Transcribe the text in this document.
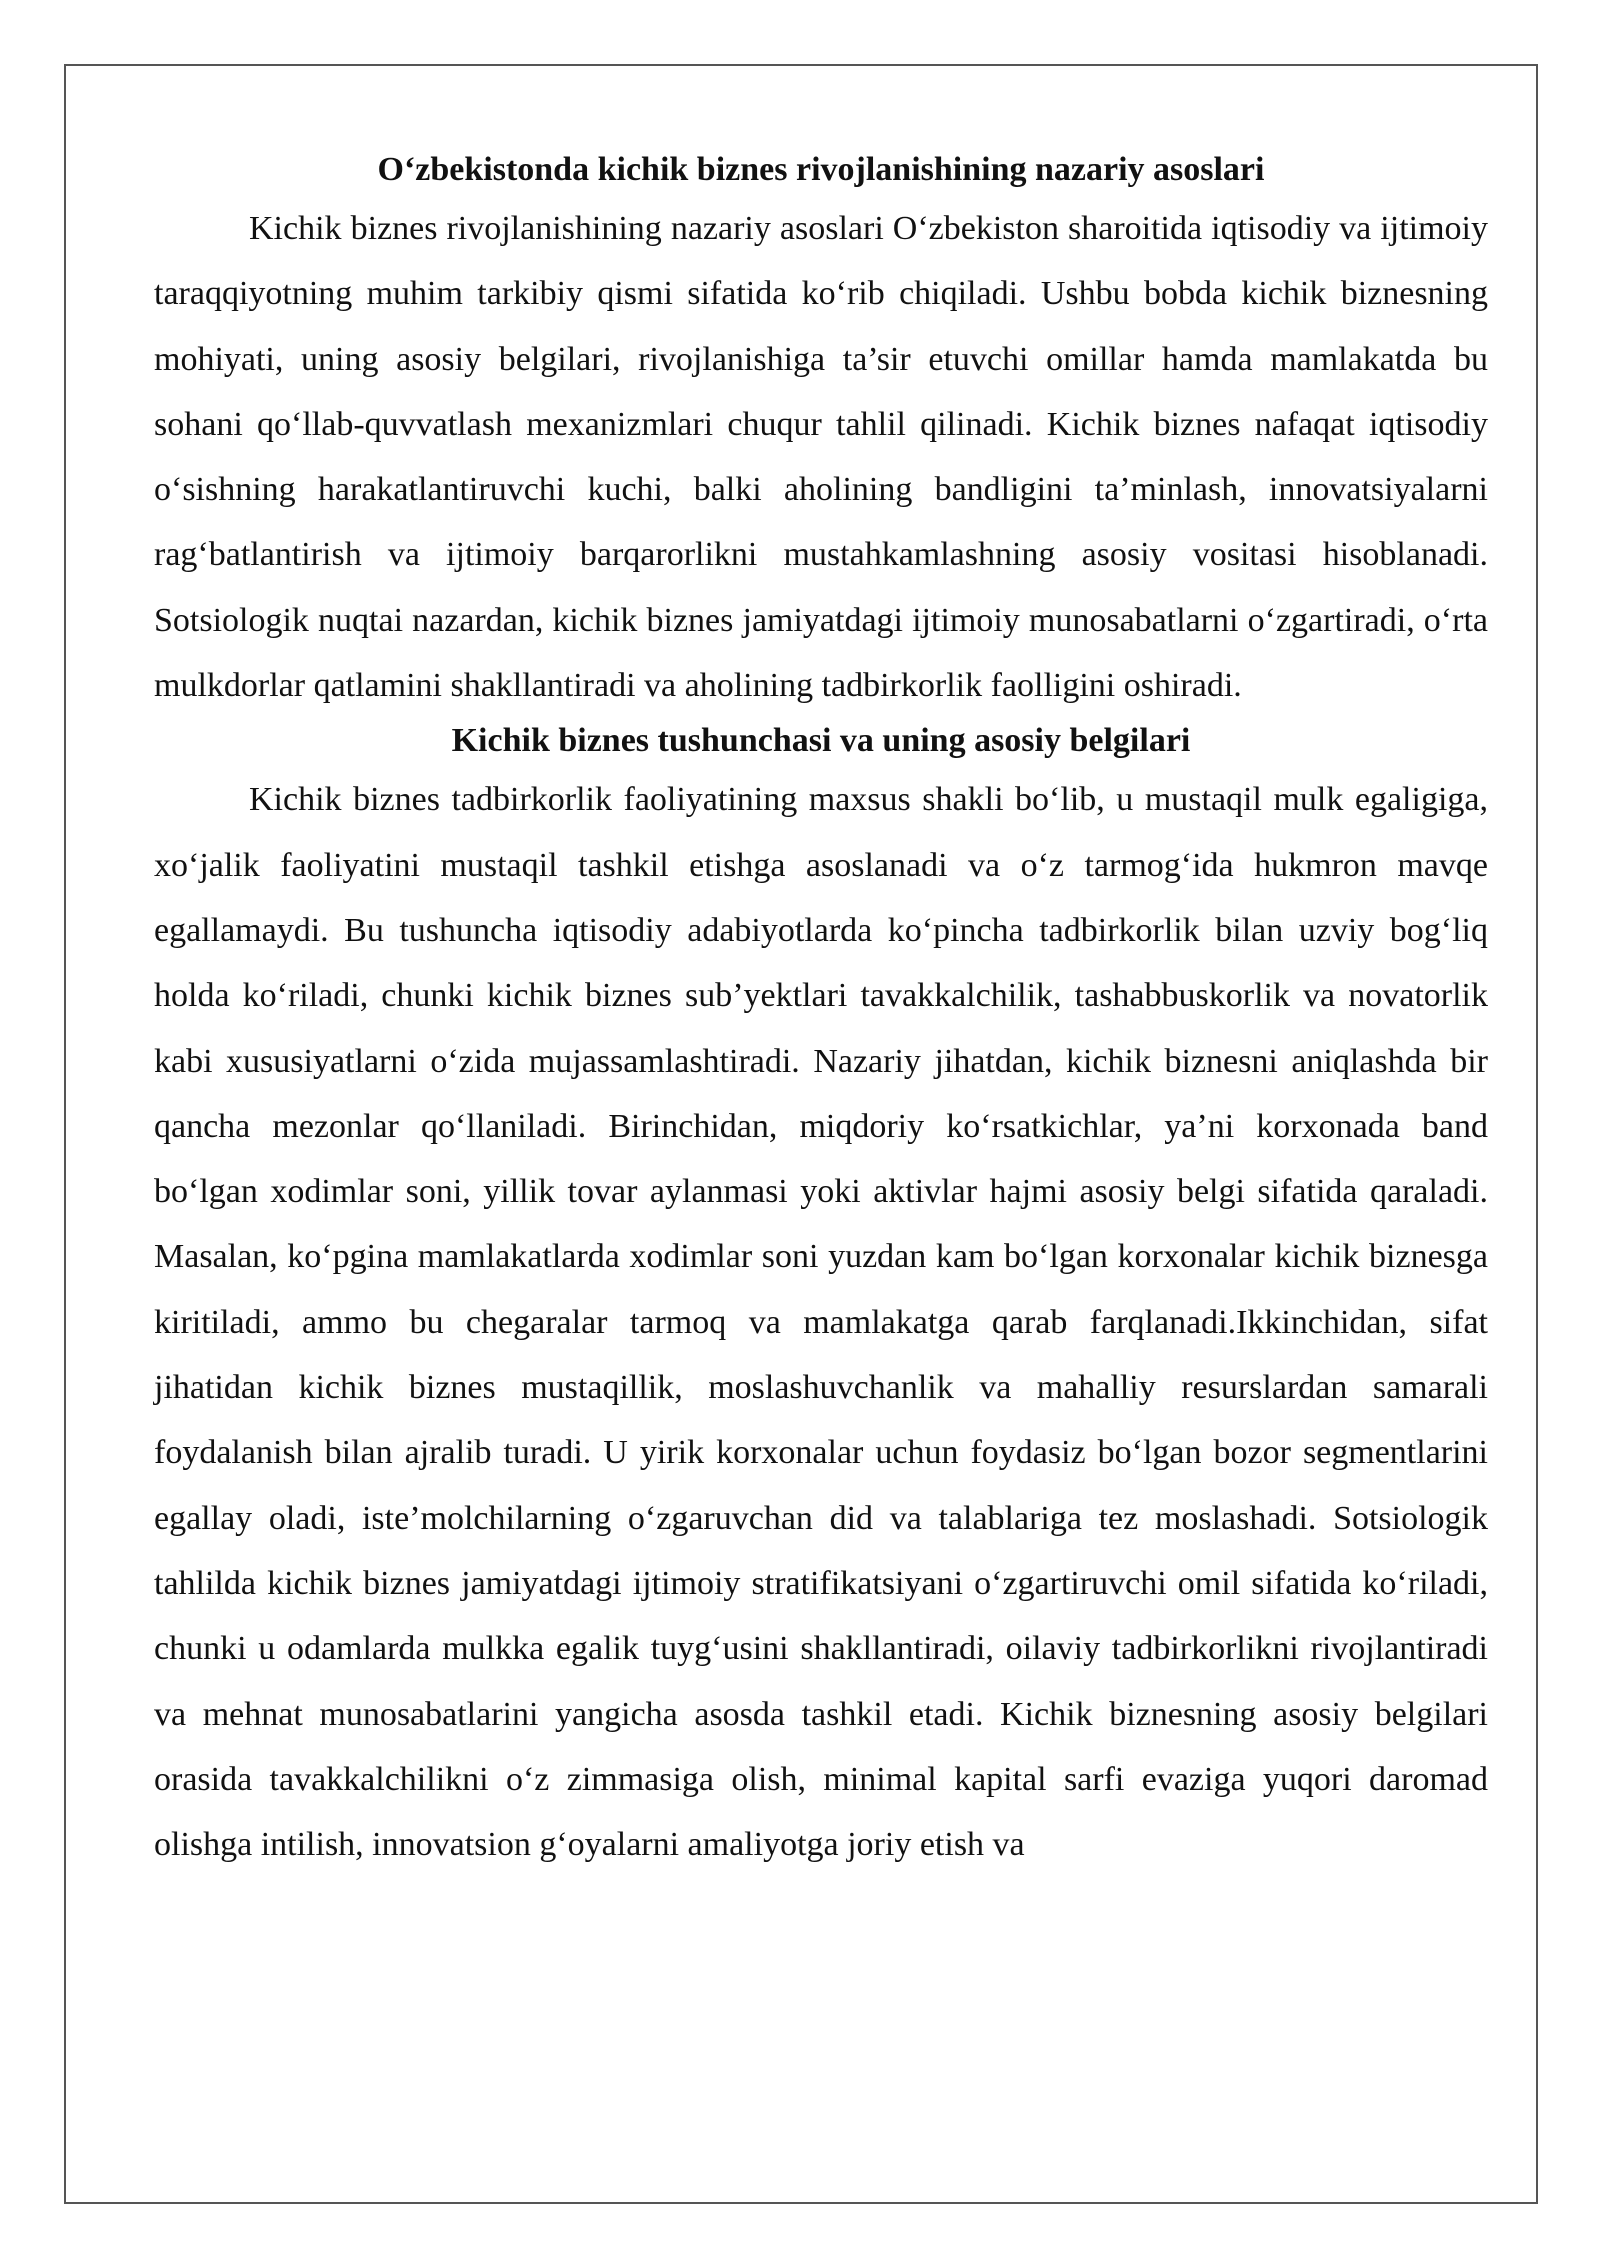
O‘zbekistonda kichik biznes rivojlanishining nazariy asoslari

Kichik biznes rivojlanishining nazariy asoslari O‘zbekiston sharoitida iqtisodiy va ijtimoiy taraqqiyotning muhim tarkibiy qismi sifatida ko‘rib chiqiladi. Ushbu bobda kichik biznesning mohiyati, uning asosiy belgilari, rivojlanishiga ta’sir etuvchi omillar hamda mamlakatda bu sohani qo‘llab-quvvatlash mexanizmlari chuqur tahlil qilinadi. Kichik biznes nafaqat iqtisodiy o‘sishning harakatlantiruvchi kuchi, balki aholining bandligini ta’minlash, innovatsiyalarni rag‘batlantirish va ijtimoiy barqarorlikni mustahkamlashning asosiy vositasi hisoblanadi. Sotsiologik nuqtai nazardan, kichik biznes jamiyatdagi ijtimoiy munosabatlarni o‘zgartiradi, o‘rta mulkdorlar qatlamini shakllantiradi va aholining tadbirkorlik faolligini oshiradi.

Kichik biznes tushunchasi va uning asosiy belgilari

Kichik biznes tadbirkorlik faoliyatining maxsus shakli bo‘lib, u mustaqil mulk egaligiga, xo‘jalik faoliyatini mustaqil tashkil etishga asoslanadi va o‘z tarmog‘ida hukmron mavqe egallamaydi. Bu tushuncha iqtisodiy adabiyotlarda ko‘pincha tadbirkorlik bilan uzviy bog‘liq holda ko‘riladi, chunki kichik biznes sub’yektlari tavakkalchilik, tashabbuskorlik va novatorlik kabi xususiyatlarni o‘zida mujassamlashtiradi. Nazariy jihatdan, kichik biznesni aniqlashda bir qancha mezonlar qo‘llaniladi. Birinchidan, miqdoriy ko‘rsatkichlar, ya’ni korxonada band bo‘lgan xodimlar soni, yillik tovar aylanmasi yoki aktivlar hajmi asosiy belgi sifatida qaraladi. Masalan, ko‘pgina mamlakatlarda xodimlar soni yuzdan kam bo‘lgan korxonalar kichik biznesga kiritiladi, ammo bu chegaralar tarmoq va mamlakatga qarab farqlanadi.Ikkinchidan, sifat jihatidan kichik biznes mustaqillik, moslashuvchanlik va mahalliy resurslardan samarali foydalanish bilan ajralib turadi. U yirik korxonalar uchun foydasiz bo‘lgan bozor segmentlarini egallay oladi, iste’molchilarning o‘zgaruvchan did va talablariga tez moslashadi. Sotsiologik tahlilda kichik biznes jamiyatdagi ijtimoiy stratifikatsiyani o‘zgartiruvchi omil sifatida ko‘riladi, chunki u odamlarda mulkka egalik tuyg‘usini shakllantiradi, oilaviy tadbirkorlikni rivojlantiradi va mehnat munosabatlarini yangicha asosda tashkil etadi. Kichik biznesning asosiy belgilari orasida tavakkalchilikni o‘z zimmasiga olish, minimal kapital sarfi evaziga yuqori daromad olishga intilish, innovatsion g‘oyalarni amaliyotga joriy etish va
